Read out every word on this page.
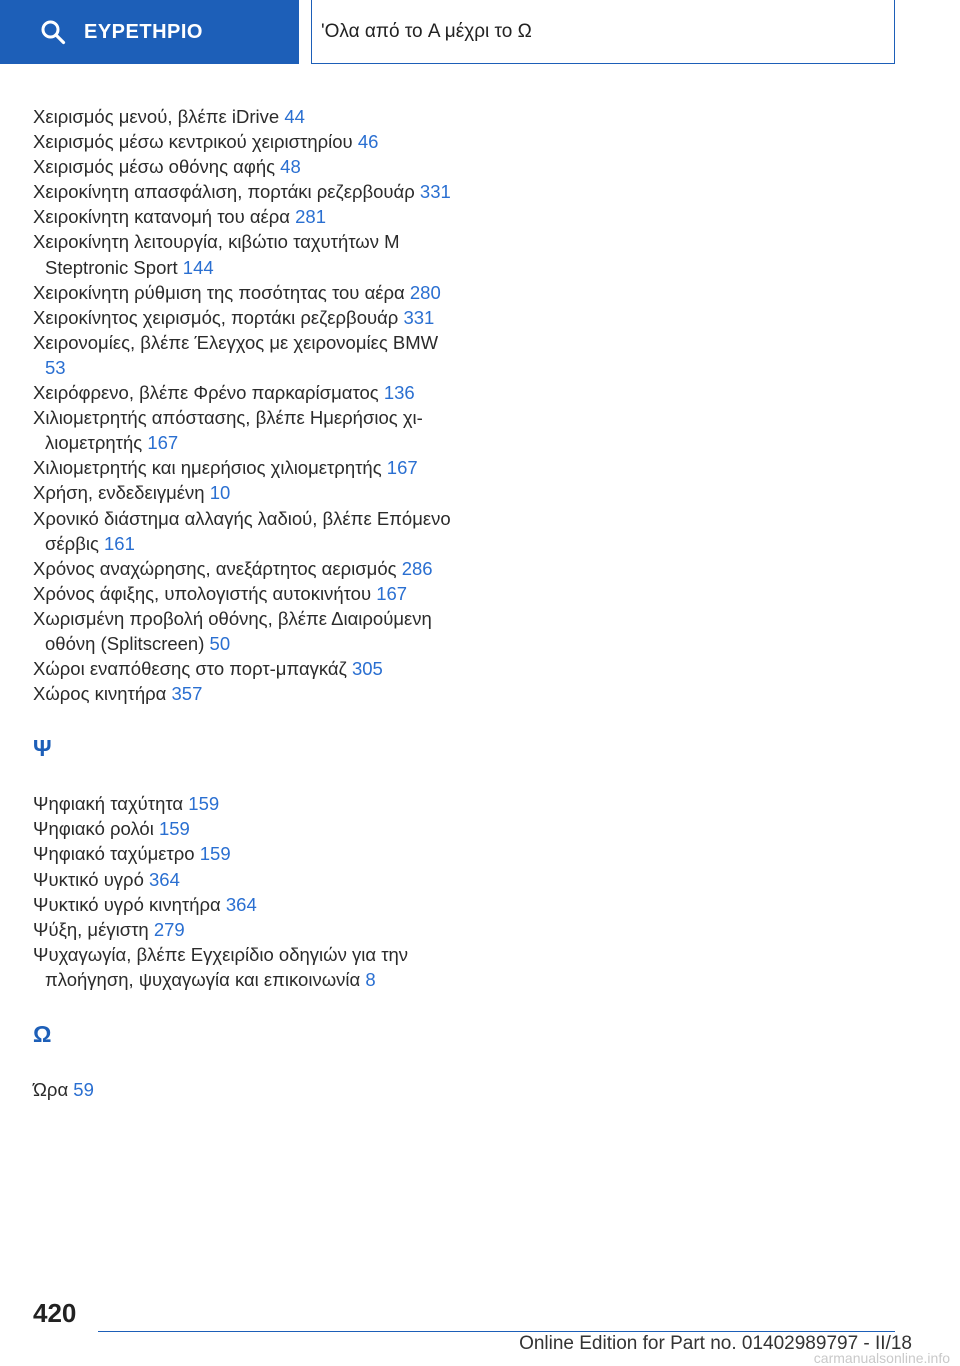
ΕΥΡΕΤΗΡΙΟ	'Ολα από το A μέχρι το Ω
Χειρισμός μενού, βλέπε iDrive 44
Χειρισμός μέσω κεντρικού χειριστηρίου 46
Χειρισμός μέσω οθόνης αφής 48
Χειροκίνητη απασφάλιση, πορτάκι ρεζερβουάρ 331
Χειροκίνητη κατανομή του αέρα 281
Χειροκίνητη λειτουργία, κιβώτιο ταχυτήτων M Steptronic Sport 144
Χειροκίνητη ρύθμιση της ποσότητας του αέρα 280
Χειροκίνητος χειρισμός, πορτάκι ρεζερβουάρ 331
Χειρονομίες, βλέπε Έλεγχος με χειρονομίες BMW 53
Χειρόφρενο, βλέπε Φρένο παρκαρίσματος 136
Χιλιομετρητής απόστασης, βλέπε Ημερήσιος χιλιομετρητής 167
Χιλιομετρητής και ημερήσιος χιλιομετρητής 167
Χρήση, ενδεδειγμένη 10
Χρονικό διάστημα αλλαγής λαδιού, βλέπε Επόμενο σέρβις 161
Χρόνος αναχώρησης, ανεξάρτητος αερισμός 286
Χρόνος άφιξης, υπολογιστής αυτοκινήτου 167
Χωρισμένη προβολή οθόνης, βλέπε Διαιρούμενη οθόνη (Splitscreen) 50
Χώροι εναπόθεσης στο πορτ-μπαγκάζ 305
Χώρος κινητήρα 357
Ψ
Ψηφιακή ταχύτητα 159
Ψηφιακό ρολόι 159
Ψηφιακό ταχύμετρο 159
Ψυκτικό υγρό 364
Ψυκτικό υγρό κινητήρα 364
Ψύξη, μέγιστη 279
Ψυχαγωγία, βλέπε Εγχειρίδιο οδηγιών για την πλοήγηση, ψυχαγωγία και επικοινωνία 8
Ω
Ώρα 59
420
Online Edition for Part no. 01402989797 - II/18
carmanualsonline.info
